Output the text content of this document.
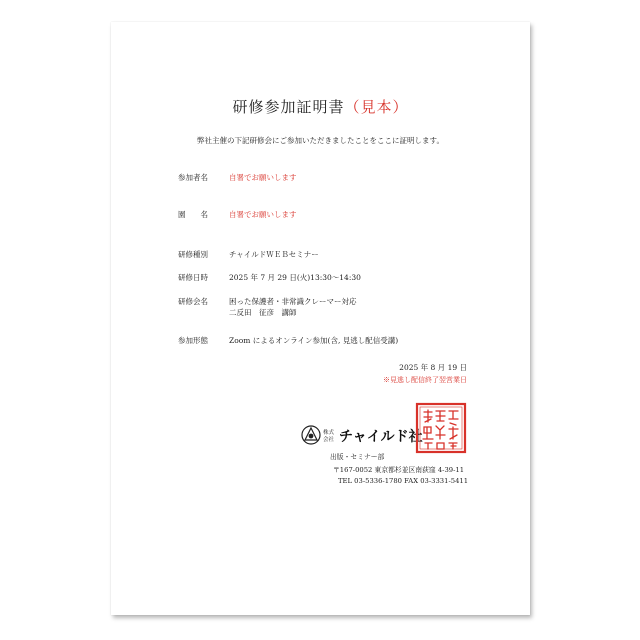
研修参加証明書（見本）
弊社主催の下記研修会にご参加いただきましたことをここに証明します。
参加者名	自署でお願いします
園　　名	自署でお願いします
研修種別	チャイルドＷＥＢセミナー
研修日時	2025 年 7 月 29 日(火)13:30～14:30
研修会名	困った保護者・非常識クレーマー対応
二反田　征彦　講師
参加形態	Zoom によるオンライン参加(含, 見逃し配信受講)
2025 年 8 月 19 日
※見逃し配信終了翌営業日
株式
会社 チャイルド社
出版・セミナー部
〒167-0052 東京都杉並区南荻窪 4-39-11
TEL 03-5336-1780 FAX 03-3331-5411
